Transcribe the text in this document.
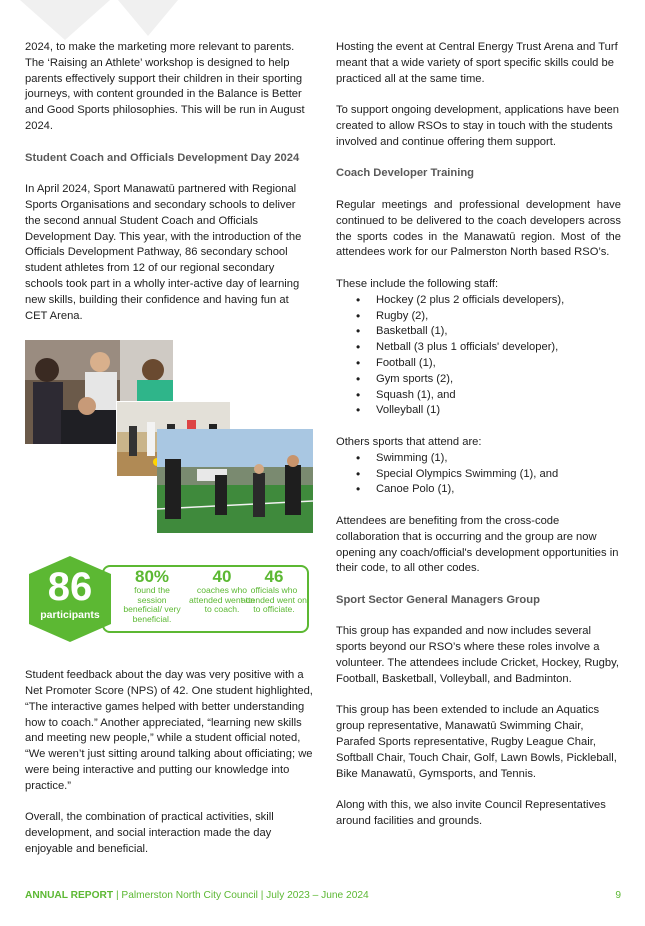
2024, to make the marketing more relevant to parents. The ‘Raising an Athlete’ workshop is designed to help parents effectively support their children in their sporting journeys, with content grounded in the Balance is Better and Good Sports philosophies. This will be run in August 2024.

Student Coach and Officials Development Day 2024

In April 2024, Sport Manawatū partnered with Regional Sports Organisations and secondary schools to deliver the second annual Student Coach and Officials Development Day. This year, with the introduction of the Officials Development Pathway, 86 secondary school student athletes from 12 of our regional secondary schools took part in a wholly inter-active day of learning new skills, building their confidence and having fun at CET Arena.

86
participants
80%
found the session beneficial/ very beneficial.
40
coaches who attended went on to coach.
46
officials who attended went on to officiate.

Student feedback about the day was very positive with a Net Promoter Score (NPS) of 42. One student highlighted, “The interactive games helped with better understanding how to coach.” Another appreciated, “learning new skills and meeting new people,” while a student official noted, “We weren’t just sitting around talking about officiating; we were being interactive and putting our knowledge into practice.”

Overall, the combination of practical activities, skill development, and social interaction made the day enjoyable and beneficial.

Hosting the event at Central Energy Trust Arena and Turf meant that a wide variety of sport specific skills could be practiced all at the same time.

To support ongoing development, applications have been created to allow RSOs to stay in touch with the students involved and continue offering them support.

Coach Developer Training

Regular meetings and professional development have continued to be delivered to the coach developers across the sports codes in the Manawatū region. Most of the attendees work for our Palmerston North based RSO’s.

These include the following staff:

• Hockey (2 plus 2 officials developers),
• Rugby (2),
• Basketball (1),
• Netball (3 plus 1 officials' developer),
• Football (1),
• Gym sports (2),
• Squash (1), and
• Volleyball (1)

Others sports that attend are:

• Swimming (1),
• Special Olympics Swimming (1), and
• Canoe Polo (1),

Attendees are benefiting from the cross-code collaboration that is occurring and the group are now opening any coach/official's development opportunities in their code, to all other codes.

Sport Sector General Managers Group

This group has expanded and now includes several sports beyond our RSO’s where these roles involve a volunteer. The attendees include Cricket, Hockey, Rugby, Football, Basketball, Volleyball, and Badminton.

This group has been extended to include an Aquatics group representative, Manawatū Swimming Chair, Parafed Sports representative, Rugby League Chair, Softball Chair, Touch Chair, Golf, Lawn Bowls, Pickleball, Bike Manawatū, Gymsports, and Tennis.

Along with this, we also invite Council Representatives around facilities and grounds.

ANNUAL REPORT | Palmerston North City Council | July 2023 – June 2024	9
